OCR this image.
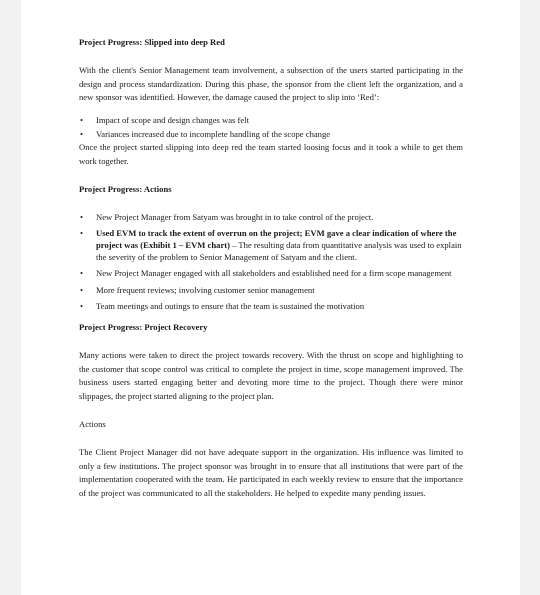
Project Progress: Slipped into deep Red

With the client's Senior Management team involvement, a subsection of the users started participating in the design and process standardization. During this phase, the sponsor from the client left the organization, and a new sponsor was identified. However, the damage caused the project to slip into ‘Red’:

• Impact of scope and design changes was felt
• Variances increased due to incomplete handling of the scope change

Once the project started slipping into deep red the team started loosing focus and it took a while to get them work together.

Project Progress: Actions

• New Project Manager from Satyam was brought in to take control of the project.
• Used EVM to track the extent of overrun on the project; EVM gave a clear indication of where the project was (Exhibit 1 – EVM chart) – The resulting data from quantitative analysis was used to explain the severity of the problem to Senior Management of Satyam and the client.
• New Project Manager engaged with all stakeholders and established need for a firm scope management
• More frequent reviews; involving customer senior management
• Team meetings and outings to ensure that the team is sustained the motivation

Project Progress: Project Recovery

Many actions were taken to direct the project towards recovery. With the thrust on scope and highlighting to the customer that scope control was critical to complete the project in time, scope management improved. The business users started engaging better and devoting more time to the project. Though there were minor slippages, the project started aligning to the project plan.

Actions

The Client Project Manager did not have adequate support in the organization. His influence was limited to only a few institutions. The project sponsor was brought in to ensure that all institutions that were part of the implementation cooperated with the team. He participated in each weekly review to ensure that the importance of the project was communicated to all the stakeholders. He helped to expedite many pending issues.
